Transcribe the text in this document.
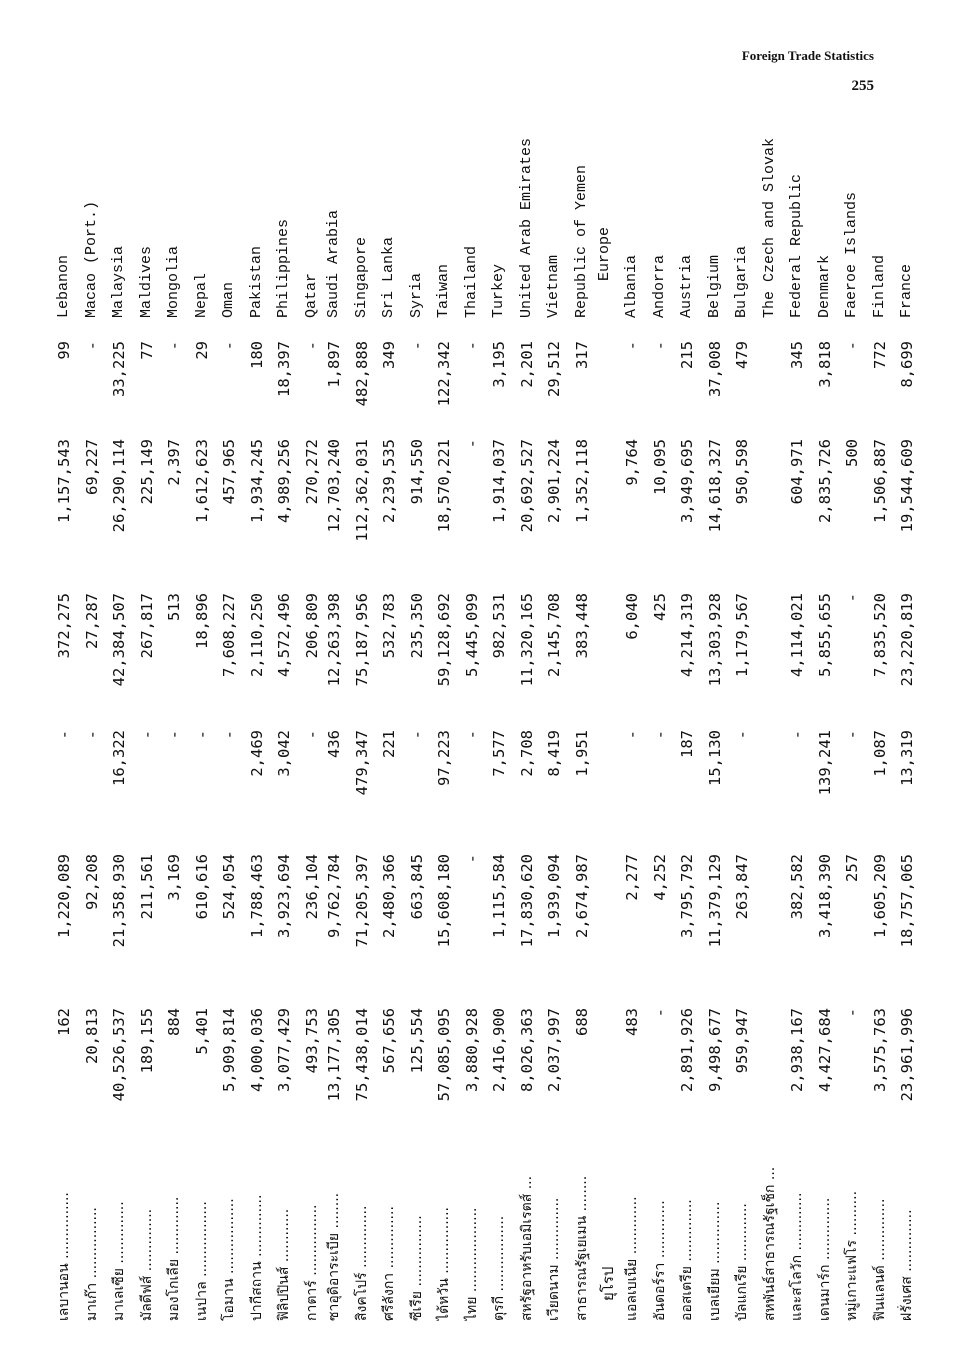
Foreign Trade Statistics
255
ยุโรป
Europe
เลบานอน ...............
162
1,220,089
-
372,275
1,157,543
99
Lebanon
มาเก๊า ................
20,813
92,208
-
27,287
69,227
-
Macao (Port.)
มาเลเซีย ..............
40,526,537
21,358,930
16,322
42,384,507
26,290,114
33,225
Malaysia
มัลดีฟส์ ..............
189,155
211,561
-
267,817
225,149
77
Maldives
มองโกเลีย .............
884
3,169
-
513
2,397
-
Mongolia
เนปาล .................
5,401
610,616
-
18,896
1,612,623
29
Nepal
โอมาน .................
5,909,814
524,054
-
7,608,227
457,965
-
Oman
ปากีสถาน ..............
4,000,036
1,788,463
2,469
2,110,250
1,934,245
180
Pakistan
ฟิลิปปินส์ ............
3,077,429
3,923,694
3,042
4,572,496
4,989,256
18,397
Philippines
กาตาร์ ................
493,753
236,104
-
206,809
270,272
-
Qatar
ซาอุดิอาระเบีย ........
13,177,305
9,762,784
436
12,263,398
12,703,240
1,897
Saudi Arabia
สิงคโปร์ ..............
75,438,014
71,205,397
479,347
75,187,956
112,362,031
482,888
Singapore
ศรีลังกา ..............
567,656
2,480,366
221
532,783
2,239,535
349
Sri Lanka
ซีเรีย ................
125,554
663,845
-
235,350
914,550
-
Syria
ไต้หวัน ...............
57,085,095
15,608,180
97,223
59,128,692
18,570,221
122,342
Taiwan
ไทย ...................
3,880,928
-
-
5,445,099
-
-
Thailand
ตุรกี .................
2,416,900
1,115,584
7,577
982,531
1,914,037
3,195
Turkey
สหรัฐอาหรับเอมิเรตส์ ...
8,026,363
17,830,620
2,708
11,320,165
20,692,527
2,201
United Arab Emirates
เวียดนาม ..............
2,037,997
1,939,094
8,419
2,145,708
2,901,224
29,512
Vietnam
สาธารณรัฐเยเมน ........
688
2,674,987
1,951
383,448
1,352,118
317
Republic of Yemen
แอลเบเนีย .............
483
2,277
-
6,040
9,764
-
Albania
อันดอร์รา .............
-
4,252
-
425
10,095
-
Andorra
ออสเตรีย ..............
2,891,926
3,795,792
187
4,214,319
3,949,695
215
Austria
เบลเยียม ..............
9,498,677
11,379,129
15,130
13,303,928
14,618,327
37,008
Belgium
บัลแกเรีย .............
959,947
263,847
-
1,179,567
950,598
479
Bulgaria
สหพันธ์สาธารณรัฐเช็ก ...
The Czech and Slovak
และสโลวัก .............
2,938,167
382,582
-
4,114,021
604,971
345
Federal Republic
เดนมาร์ก ..............
4,427,684
3,418,390
139,241
5,855,655
2,835,726
3,818
Denmark
หมู่เกาะแฟโร ..........
-
257
-
-
500
-
Faeroe Islands
ฟินแลนด์ ..............
3,575,763
1,605,209
1,087
7,835,520
1,506,887
772
Finland
ฝรั่งเศส ..............
23,961,996
18,757,065
13,319
23,220,819
19,544,609
8,699
France
